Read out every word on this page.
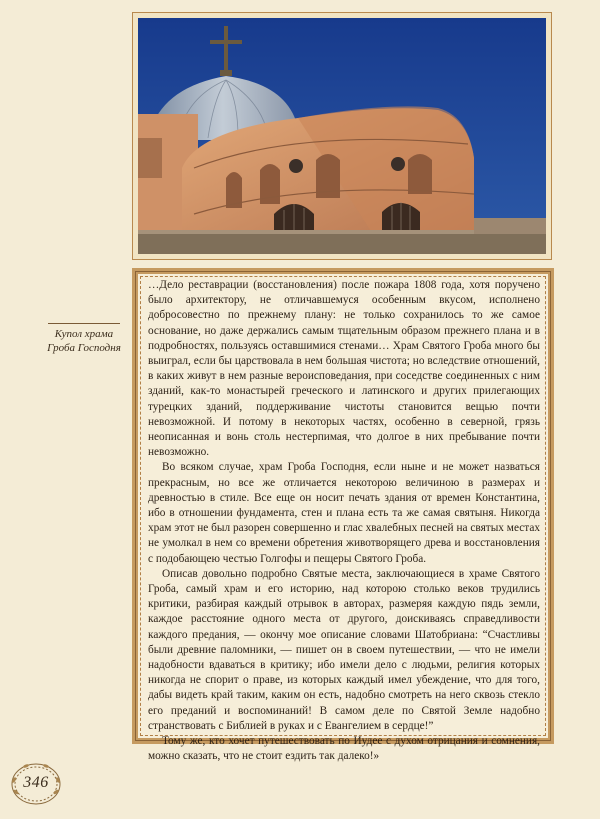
Купол храма
Гроба Господня

…Дело реставрации (восстановления) после пожара 1808 года, хотя поручено было архитектору, не отличавшемуся особенным вкусом, исполнено добросовестно по прежнему плану: не только сохранилось то же самое основание, но даже держались самым тщательным образом прежнего плана и в подробностях, пользуясь оставшимися стенами… Храм Святого Гроба много бы выиграл, если бы царствовала в нем большая чистота; но вследствие отношений, в каких живут в нем разные вероисповедания, при соседстве соединенных с ним зданий, как-то монастырей греческого и латинского и других прилегающих турецких зданий, поддерживание чистоты становится вещью почти невозможной. И потому в некоторых частях, особенно в северной, грязь неописанная и вонь столь нестерпимая, что долгое в них пребывание почти невозможно.

Во всяком случае, храм Гроба Господня, если ныне и не может назваться прекрасным, но все же отличается некоторою величиною в размерах и древностью в стиле. Все еще он носит печать здания от времен Константина, ибо в отношении фундамента, стен и плана есть та же самая святыня. Никогда храм этот не был разорен совершенно и глас хвалебных песней на святых местах не умолкал в нем со времени обретения животворящего древа и восстановления с подобающею честью Голгофы и пещеры Святого Гроба.

Описав довольно подробно Святые места, заключающиеся в храме Святого Гроба, самый храм и его историю, над которою столько веков трудились критики, разбирая каждый отрывок в авторах, размеряя каждую пядь земли, каждое расстояние одного места от другого, доискиваясь справедливости каждого предания, — окончу мое описание словами Шатобриана: “Счастливы были древние паломники, — пишет он в своем путешествии, — что не имели надобности вдаваться в критику; ибо имели дело с людьми, религия которых никогда не спорит о праве, из которых каждый имел убеждение, что для того, дабы видеть край таким, каким он есть, надобно смотреть на него сквозь стекло его преданий и воспоминаний! В самом деле по Святой Земле надобно странствовать с Библией в руках и с Евангелием в сердце!”

Тому же, кто хочет путешествовать по Иудее с духом отрицания и сомнения, можно сказать, что не стоит ездить так далеко!»

346
